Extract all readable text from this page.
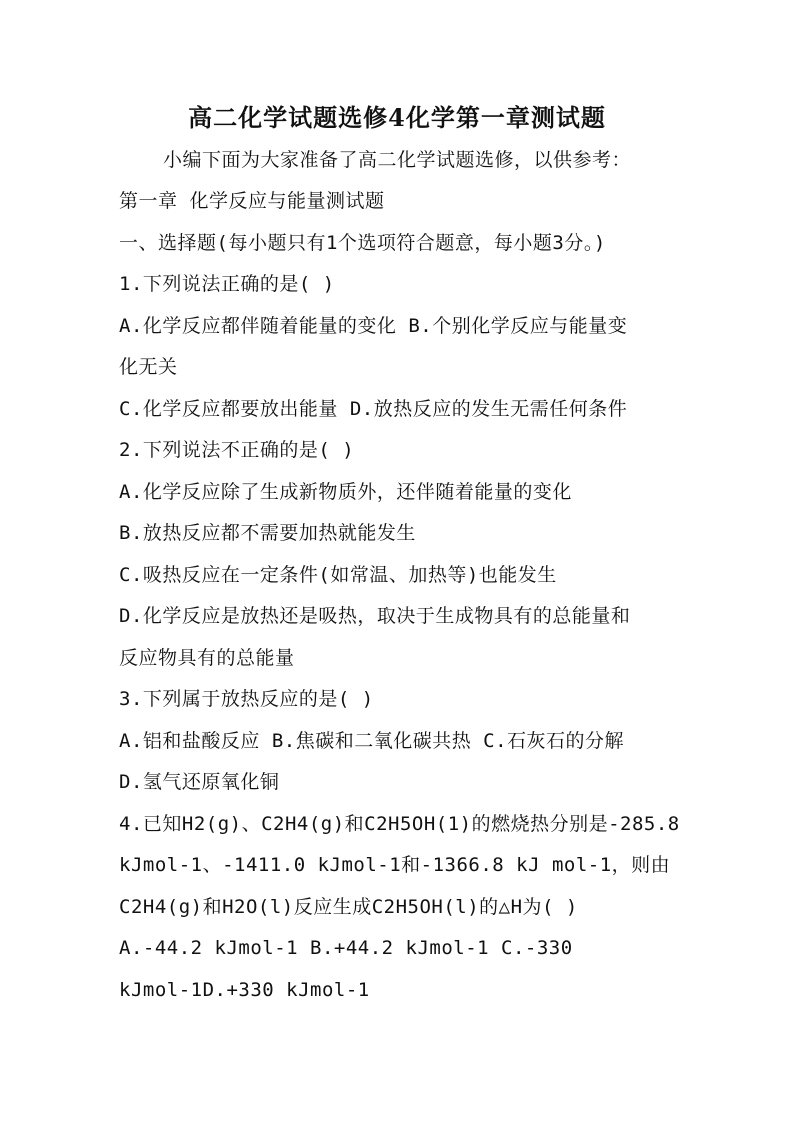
高二化学试题选修4化学第一章测试题
小编下面为大家准备了高二化学试题选修，以供参考：
第一章 化学反应与能量测试题
一、选择题(每小题只有1个选项符合题意，每小题3分。)
1.下列说法正确的是( )
A.化学反应都伴随着能量的变化 B.个别化学反应与能量变
化无关
C.化学反应都要放出能量 D.放热反应的发生无需任何条件
2.下列说法不正确的是( )
A.化学反应除了生成新物质外，还伴随着能量的变化
B.放热反应都不需要加热就能发生
C.吸热反应在一定条件(如常温、加热等)也能发生
D.化学反应是放热还是吸热，取决于生成物具有的总能量和
反应物具有的总能量
3.下列属于放热反应的是( )
A.铝和盐酸反应 B.焦碳和二氧化碳共热 C.石灰石的分解
D.氢气还原氧化铜
4.已知H2(g)、C2H4(g)和C2H5OH(1)的燃烧热分别是-285.8
kJmol-1、-1411.0 kJmol-1和-1366.8 kJ mol-1，则由
C2H4(g)和H2O(l)反应生成C2H5OH(l)的△H为( )
A.-44.2 kJmol-1 B.+44.2 kJmol-1 C.-330
kJmol-1D.+330 kJmol-1
